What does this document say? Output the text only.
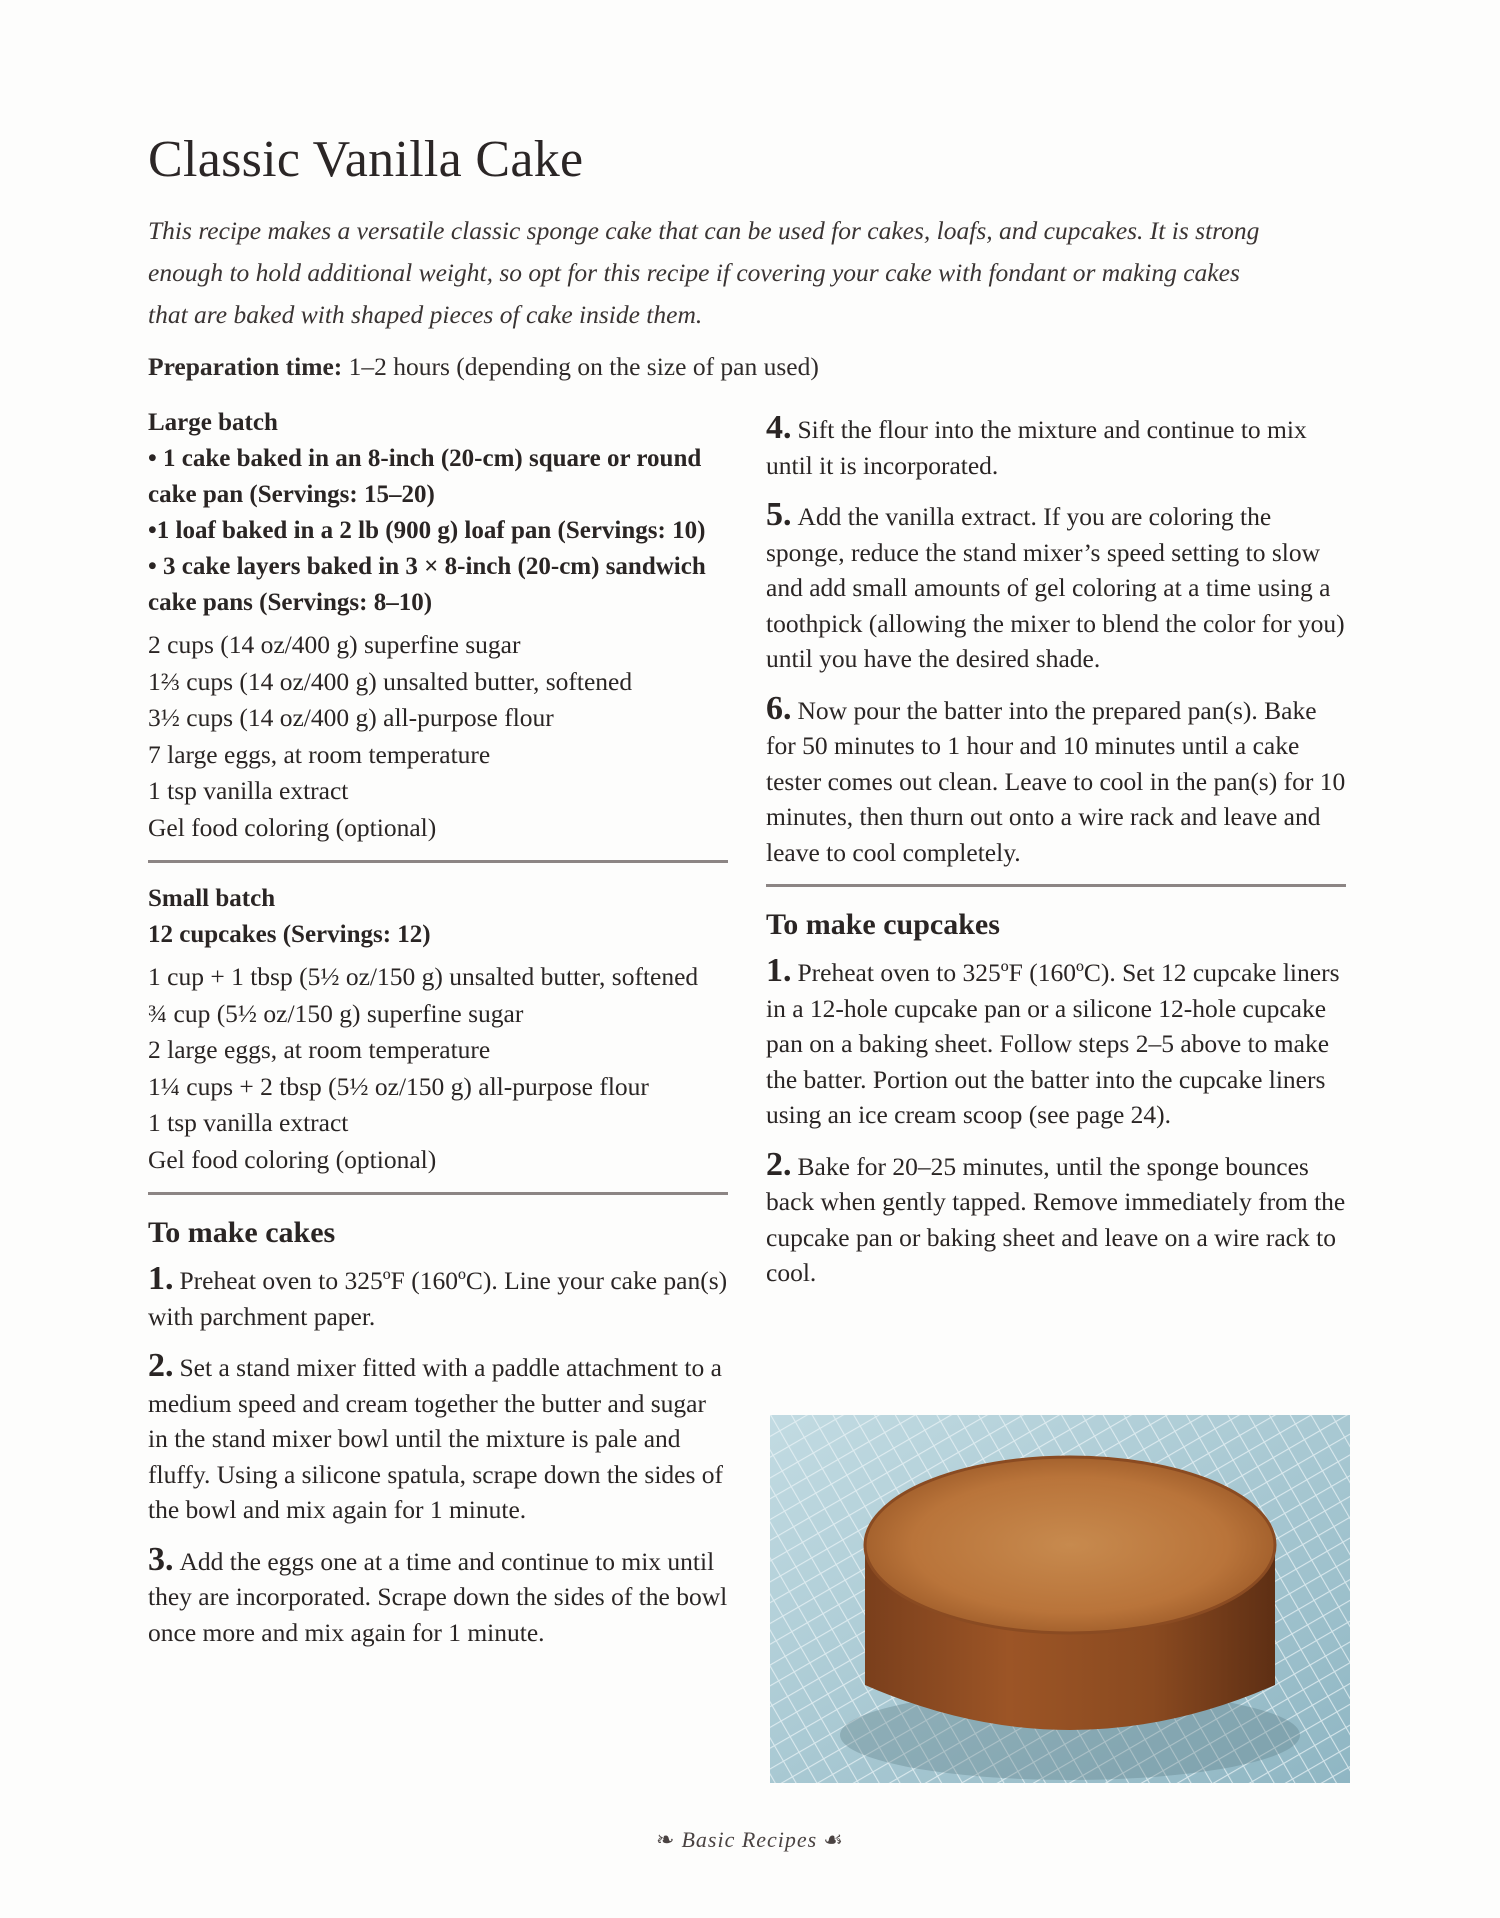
Classic Vanilla Cake

This recipe makes a versatile classic sponge cake that can be used for cakes, loafs, and cupcakes. It is strong enough to hold additional weight, so opt for this recipe if covering your cake with fondant or making cakes that are baked with shaped pieces of cake inside them.

Preparation time: 1–2 hours (depending on the size of pan used)
Large batch
• 1 cake baked in an 8-inch (20-cm) square or round cake pan (Servings: 15–20)
•1 loaf baked in a 2 lb (900 g) loaf pan (Servings: 10)
• 3 cake layers baked in 3 × 8-inch (20-cm) sandwich cake pans (Servings: 8–10)
2 cups (14 oz/400 g) superfine sugar
1⅔ cups (14 oz/400 g) unsalted butter, softened
3½ cups (14 oz/400 g) all-purpose flour
7 large eggs, at room temperature
1 tsp vanilla extract
Gel food coloring (optional)
Small batch
12 cupcakes (Servings: 12)
1 cup + 1 tbsp (5½ oz/150 g) unsalted butter, softened
¾ cup (5½ oz/150 g) superfine sugar
2 large eggs, at room temperature
1¼ cups + 2 tbsp (5½ oz/150 g) all-purpose flour
1 tsp vanilla extract
Gel food coloring (optional)
To make cakes

1. Preheat oven to 325ºF (160ºC). Line your cake pan(s) with parchment paper.

2. Set a stand mixer fitted with a paddle attachment to a medium speed and cream together the butter and sugar in the stand mixer bowl until the mixture is pale and fluffy. Using a silicone spatula, scrape down the sides of the bowl and mix again for 1 minute.

3. Add the eggs one at a time and continue to mix until they are incorporated. Scrape down the sides of the bowl once more and mix again for 1 minute.

4. Sift the flour into the mixture and continue to mix until it is incorporated.

5. Add the vanilla extract. If you are coloring the sponge, reduce the stand mixer’s speed setting to slow and add small amounts of gel coloring at a time using a toothpick (allowing the mixer to blend the color for you) until you have the desired shade.

6. Now pour the batter into the prepared pan(s). Bake for 50 minutes to 1 hour and 10 minutes until a cake tester comes out clean. Leave to cool in the pan(s) for 10 minutes, then thurn out onto a wire rack and leave and leave to cool completely.

To make cupcakes

1. Preheat oven to 325ºF (160ºC). Set 12 cupcake liners in a 12-hole cupcake pan or a silicone 12-hole cupcake pan on a baking sheet. Follow steps 2–5 above to make the batter. Portion out the batter into the cupcake liners using an ice cream scoop (see page 24).

2. Bake for 20–25 minutes, until the sponge bounces back when gently tapped. Remove immediately from the cupcake pan or baking sheet and leave on a wire rack to cool.

❧ Basic Recipes ☙
